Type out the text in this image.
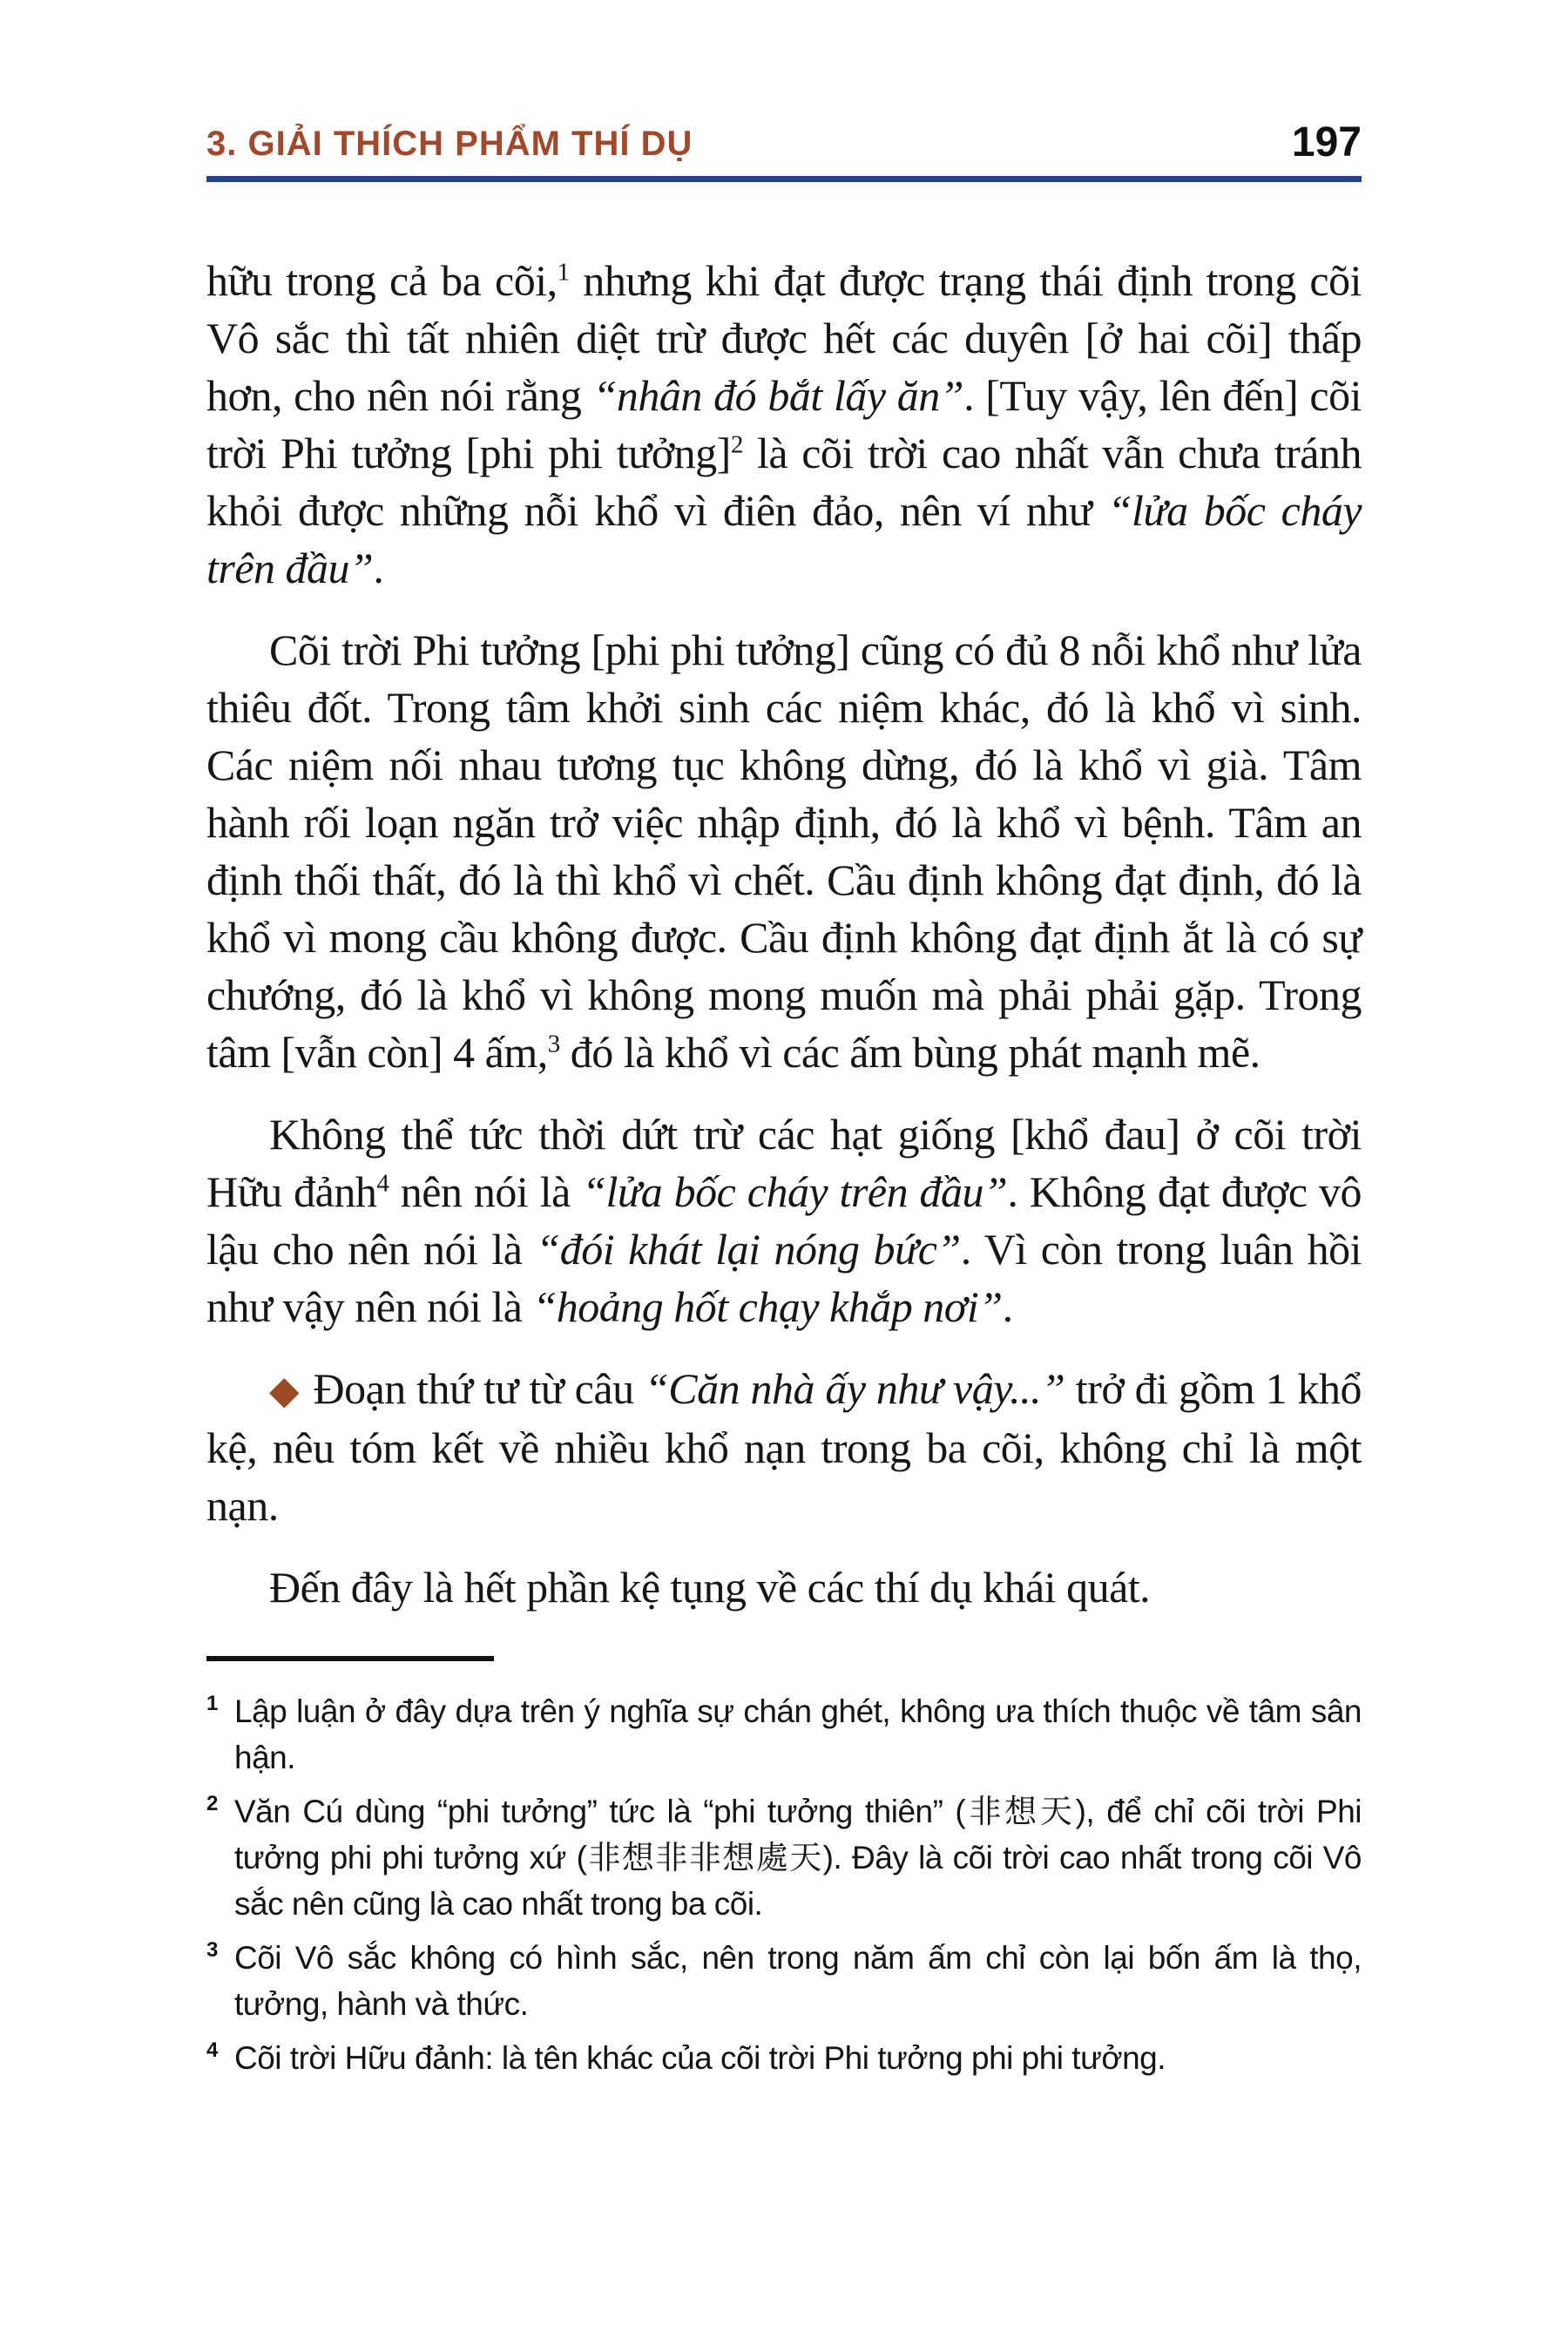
3. GIẢI THÍCH PHẨM THÍ DỤ	197

hữu trong cả ba cõi,$^1$ nhưng khi đạt được trạng thái định trong cõi Vô sắc thì tất nhiên diệt trừ được hết các duyên [ở hai cõi] thấp hơn, cho nên nói rằng “nhân đó bắt lấy ăn”. [Tuy vậy, lên đến] cõi trời Phi tưởng [phi phi tưởng]$^2$ là cõi trời cao nhất vẫn chưa tránh khỏi được những nỗi khổ vì điên đảo, nên ví như “lửa bốc cháy trên đầu”.

Cõi trời Phi tưởng [phi phi tưởng] cũng có đủ 8 nỗi khổ như lửa thiêu đốt. Trong tâm khởi sinh các niệm khác, đó là khổ vì sinh. Các niệm nối nhau tương tục không dừng, đó là khổ vì già. Tâm hành rối loạn ngăn trở việc nhập định, đó là khổ vì bệnh. Tâm an định thối thất, đó là thì khổ vì chết. Cầu định không đạt định, đó là khổ vì mong cầu không được. Cầu định không đạt định ắt là có sự chướng, đó là khổ vì không mong muốn mà phải phải gặp. Trong tâm [vẫn còn] 4 ấm,$^3$ đó là khổ vì các ấm bùng phát mạnh mẽ.

Không thể tức thời dứt trừ các hạt giống [khổ đau] ở cõi trời Hữu đảnh$^4$ nên nói là “lửa bốc cháy trên đầu”. Không đạt được vô lậu cho nên nói là “đói khát lại nóng bức”. Vì còn trong luân hồi như vậy nên nói là “hoảng hốt chạy khắp nơi”.

◆ Đoạn thứ tư từ câu “Căn nhà ấy như vậy...” trở đi gồm 1 khổ kệ, nêu tóm kết về nhiều khổ nạn trong ba cõi, không chỉ là một nạn.

Đến đây là hết phần kệ tụng về các thí dụ khái quát.

1 Lập luận ở đây dựa trên ý nghĩa sự chán ghét, không ưa thích thuộc về tâm sân hận.
2 Văn Cú dùng “phi tưởng” tức là “phi tưởng thiên” (非想天), để chỉ cõi trời Phi tưởng phi phi tưởng xứ (非想非非想處天). Đây là cõi trời cao nhất trong cõi Vô sắc nên cũng là cao nhất trong ba cõi.
3 Cõi Vô sắc không có hình sắc, nên trong năm ấm chỉ còn lại bốn ấm là thọ, tưởng, hành và thức.
4 Cõi trời Hữu đảnh: là tên khác của cõi trời Phi tưởng phi phi tưởng.
